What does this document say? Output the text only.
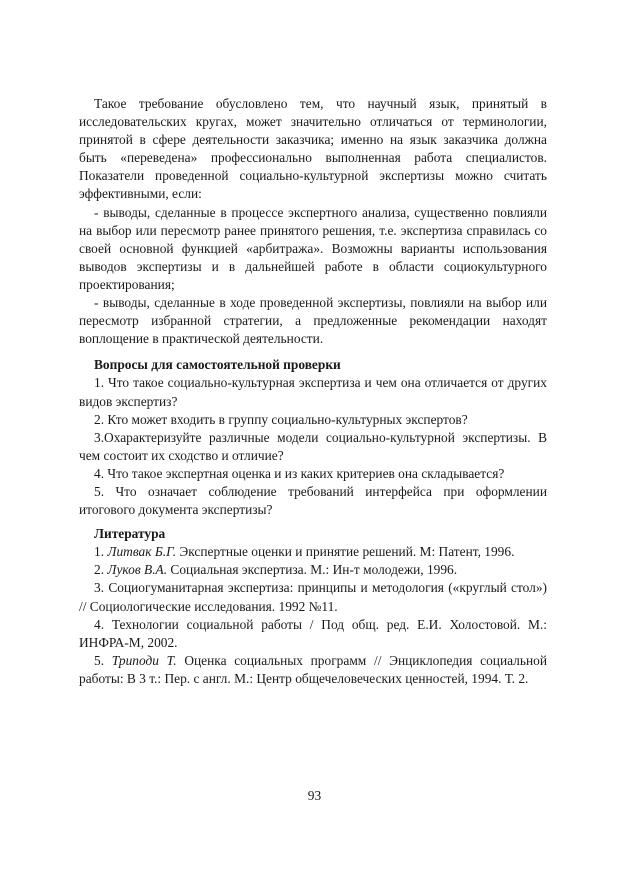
Такое требование обусловлено тем, что научный язык, принятый в исследовательских кругах, может значительно отличаться от терминологии, принятой в сфере деятельности заказчика; именно на язык заказчика должна быть «переведена» профессионально выполненная работа специалистов. Показатели проведенной социально-культурной экспертизы можно считать эффективными, если:

- выводы, сделанные в процессе экспертного анализа, существенно повлияли на выбор или пересмотр ранее принятого решения, т.е. экспертиза справилась со своей основной функцией «арбитража». Возможны варианты использования выводов экспертизы и в дальнейшей работе в области социокультурного проектирования;

- выводы, сделанные в ходе проведенной экспертизы, повлияли на выбор или пересмотр избранной стратегии, а предложенные рекомендации находят воплощение в практической деятельности.

Вопросы для самостоятельной проверки

1. Что такое социально-культурная экспертиза и чем она отличается от других видов экспертиз?

2. Кто может входить в группу социально-культурных экспертов?

3.Охарактеризуйте различные модели социально-культурной экспертизы. В чем состоит их сходство и отличие?

4. Что такое экспертная оценка и из каких критериев она складывается?

5. Что означает соблюдение требований интерфейса при оформлении итогового документа экспертизы?

Литература

1. Литвак Б.Г. Экспертные оценки и принятие решений. М: Патент, 1996.

2. Луков В.А. Социальная экспертиза. М.: Ин-т молодежи, 1996.

3. Социогуманитарная экспертиза: принципы и методология («круглый стол») // Социологические исследования. 1992 №11.

4. Технологии социальной работы / Под общ. ред. Е.И. Холостовой. М.: ИНФРА-М, 2002.

5. Триподи Т. Оценка социальных программ // Энциклопедия социальной работы: В 3 т.: Пер. с англ. М.: Центр общечеловеческих ценностей, 1994. Т. 2.

93
